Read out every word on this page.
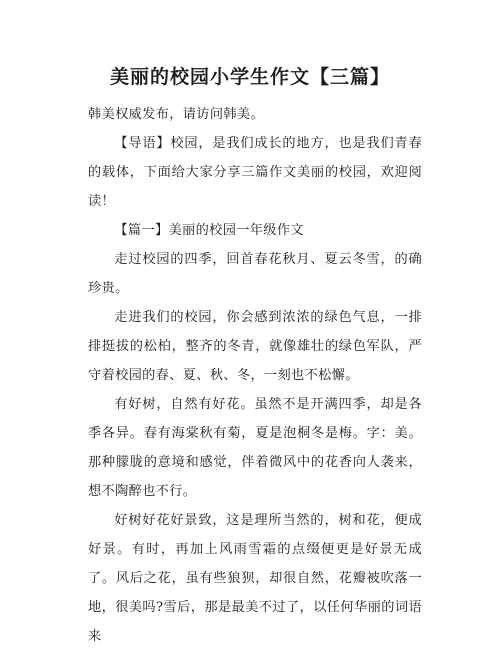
美丽的校园小学生作文【三篇】

韩美权威发布，请访问韩美。

【导语】校园，是我们成长的地方，也是我们青春的载体，下面给大家分享三篇作文美丽的校园，欢迎阅读！

【篇一】美丽的校园一年级作文

走过校园的四季，回首春花秋月、夏云冬雪，的确珍贵。

走进我们的校园，你会感到浓浓的绿色气息，一排排挺拔的松柏，整齐的冬青，就像雄壮的绿色军队，严守着校园的春、夏、秋、冬，一刻也不松懈。

有好树，自然有好花。虽然不是开满四季，却是各季各异。春有海棠秋有菊，夏是泡桐冬是梅。字：美。那种朦胧的意境和感觉，伴着微风中的花香向人袭来，想不陶醉也不行。

好树好花好景致，这是理所当然的，树和花，便成好景。有时，再加上风雨雪霜的点缀便更是好景无成了。风后之花，虽有些狼狈，却很自然，花瓣被吹落一地，很美吗?雪后，那是最美不过了，以任何华丽的词语来
